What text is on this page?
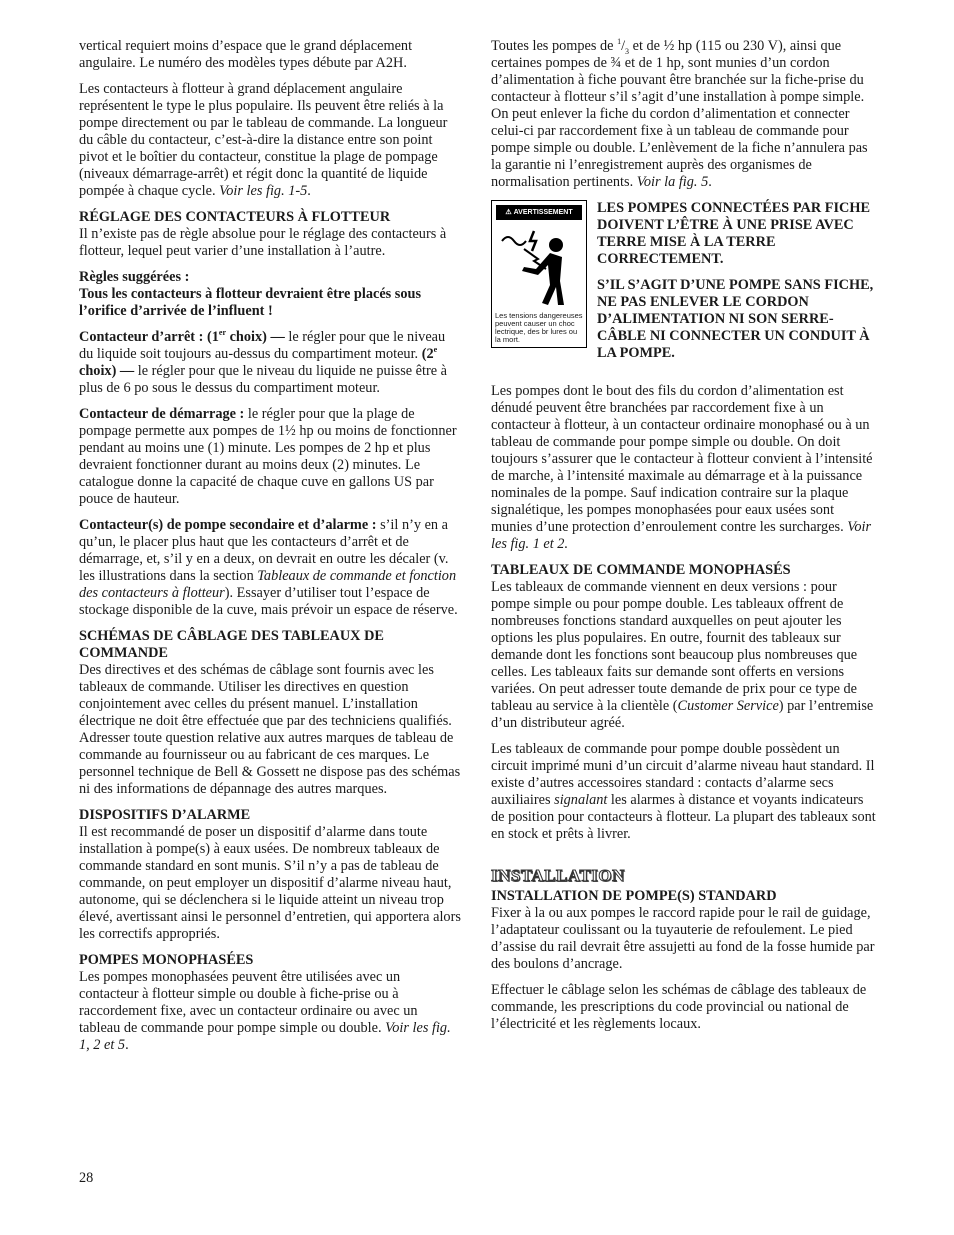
vertical requiert moins d’espace que le grand déplacement angulaire. Le numéro des modèles types débute par A2H.

Les contacteurs à flotteur à grand déplacement angulaire représentent le type le plus populaire. Ils peuvent être reliés à la pompe directement ou par le tableau de commande. La longueur du câble du contacteur, c’est-à-dire la distance entre son point pivot et le boîtier du contacteur, constitue la plage de pompage (niveaux démarrage-arrêt) et régit donc la quantité de liquide pompée à chaque cycle. Voir les fig. 1-5.

RÉGLAGE DES CONTACTEURS À FLOTTEUR

Il n’existe pas de règle absolue pour le réglage des contacteurs à flotteur, lequel peut varier d’une installation à l’autre.

Règles suggérées :
Tous les contacteurs à flotteur devraient être placés sous l’orifice d’arrivée de l’influent !

Contacteur d’arrêt : (1er choix) — le régler pour que le niveau du liquide soit toujours au-dessus du compartiment moteur. (2e choix) — le régler pour que le niveau du liquide ne puisse être à plus de 6 po sous le dessus du compartiment moteur.

Contacteur de démarrage : le régler pour que la plage de pompage permette aux pompes de 1½ hp ou moins de fonctionner pendant au moins une (1) minute. Les pompes de 2 hp et plus devraient fonctionner durant au moins deux (2) minutes. Le catalogue donne la capacité de chaque cuve en gallons US par pouce de hauteur.

Contacteur(s) de pompe secondaire et d’alarme : s’il n’y en a qu’un, le placer plus haut que les contacteurs d’arrêt et de démarrage, et, s’il y en a deux, on devrait en outre les décaler (v. les illustrations dans la section Tableaux de commande et fonction des contacteurs à flotteur). Essayer d’utiliser tout l’espace de stockage disponible de la cuve, mais prévoir un espace de réserve.

SCHÉMAS DE CÂBLAGE DES TABLEAUX DE COMMANDE

Des directives et des schémas de câblage sont fournis avec les tableaux de commande. Utiliser les directives en question conjointement avec celles du présent manuel. L’installation électrique ne doit être effectuée que par des techniciens qualifiés. Adresser toute question relative aux autres marques de tableau de commande au fournisseur ou au fabricant de ces marques. Le personnel technique de Bell & Gossett ne dispose pas des schémas ni des informations de dépannage des autres marques.

DISPOSITIFS D’ALARME

Il est recommandé de poser un dispositif d’alarme dans toute installation à pompe(s) à eaux usées. De nombreux tableaux de commande standard en sont munis. S’il n’y a pas de tableau de commande, on peut employer un dispositif d’alarme niveau haut, autonome, qui se déclenchera si le liquide atteint un niveau trop élevé, avertissant ainsi le personnel d’entretien, qui apportera alors les correctifs appropriés.

POMPES MONOPHASÉES

Les pompes monophasées peuvent être utilisées avec un contacteur à flotteur simple ou double à fiche-prise ou à raccordement fixe, avec un contacteur ordinaire ou avec un tableau de commande pour pompe simple ou double. Voir les fig. 1, 2 et 5.

Toutes les pompes de $^1/_3$ et de ½ hp (115 ou 230 V), ainsi que certaines pompes de ¾ et de 1 hp, sont munies d’un cordon d’alimentation à fiche pouvant être branchée sur la fiche-prise du contacteur à flotteur s’il s’agit d’une installation à pompe simple. On peut enlever la fiche du cordon d’alimentation et connecter celui-ci par raccordement fixe à un tableau de commande pour pompe simple ou double. L’enlèvement de la fiche n’annulera pas la garantie ni l’enregistrement auprès des organismes de normalisation pertinents. Voir la fig. 5.

⚠ AVERTISSEMENT
Les tensions dangereuses peuvent causer un choc lectrique, des br lures ou la mort.

LES POMPES CONNECTÉES PAR FICHE DOIVENT L’ÊTRE À UNE PRISE AVEC TERRE MISE À LA TERRE CORRECTEMENT.

S’IL S’AGIT D’UNE POMPE SANS FICHE, NE PAS ENLEVER LE CORDON D’ALIMENTATION NI SON SERRE-CÂBLE NI CONNECTER UN CONDUIT À LA POMPE.

Les pompes dont le bout des fils du cordon d’alimentation est dénudé peuvent être branchées par raccordement fixe à un contacteur à flotteur, à un contacteur ordinaire monophasé ou à un tableau de commande pour pompe simple ou double. On doit toujours s’assurer que le contacteur à flotteur convient à l’intensité de marche, à l’intensité maximale au démarrage et à la puissance nominales de la pompe. Sauf indication contraire sur la plaque signalétique, les pompes monophasées pour eaux usées sont munies d’une protection d’enroulement contre les surcharges. Voir les fig. 1 et 2.

TABLEAUX DE COMMANDE MONOPHASÉS

Les tableaux de commande viennent en deux versions : pour pompe simple ou pour pompe double. Les tableaux offrent de nombreuses fonctions standard auxquelles on peut ajouter les options les plus populaires. En outre, fournit des tableaux sur demande dont les fonctions sont beaucoup plus nombreuses que celles. Les tableaux faits sur demande sont offerts en versions variées. On peut adresser toute demande de prix pour ce type de tableau au service à la clientèle (Customer Service) par l’entremise d’un distributeur agréé.

Les tableaux de commande pour pompe double possèdent un circuit imprimé muni d’un circuit d’alarme niveau haut standard. Il existe d’autres accessoires standard : contacts d’alarme secs auxiliaires signalant les alarmes à distance et voyants indicateurs de position pour contacteurs à flotteur. La plupart des tableaux sont en stock et prêts à livrer.

INSTALLATION

INSTALLATION DE POMPE(S) STANDARD

Fixer à la ou aux pompes le raccord rapide pour le rail de guidage, l’adaptateur coulissant ou la tuyauterie de refoulement. Le pied d’assise du rail devrait être assujetti au fond de la fosse humide par des boulons d’ancrage.

Effectuer le câblage selon les schémas de câblage des tableaux de commande, les prescriptions du code provincial ou national de l’électricité et les règlements locaux.

28
